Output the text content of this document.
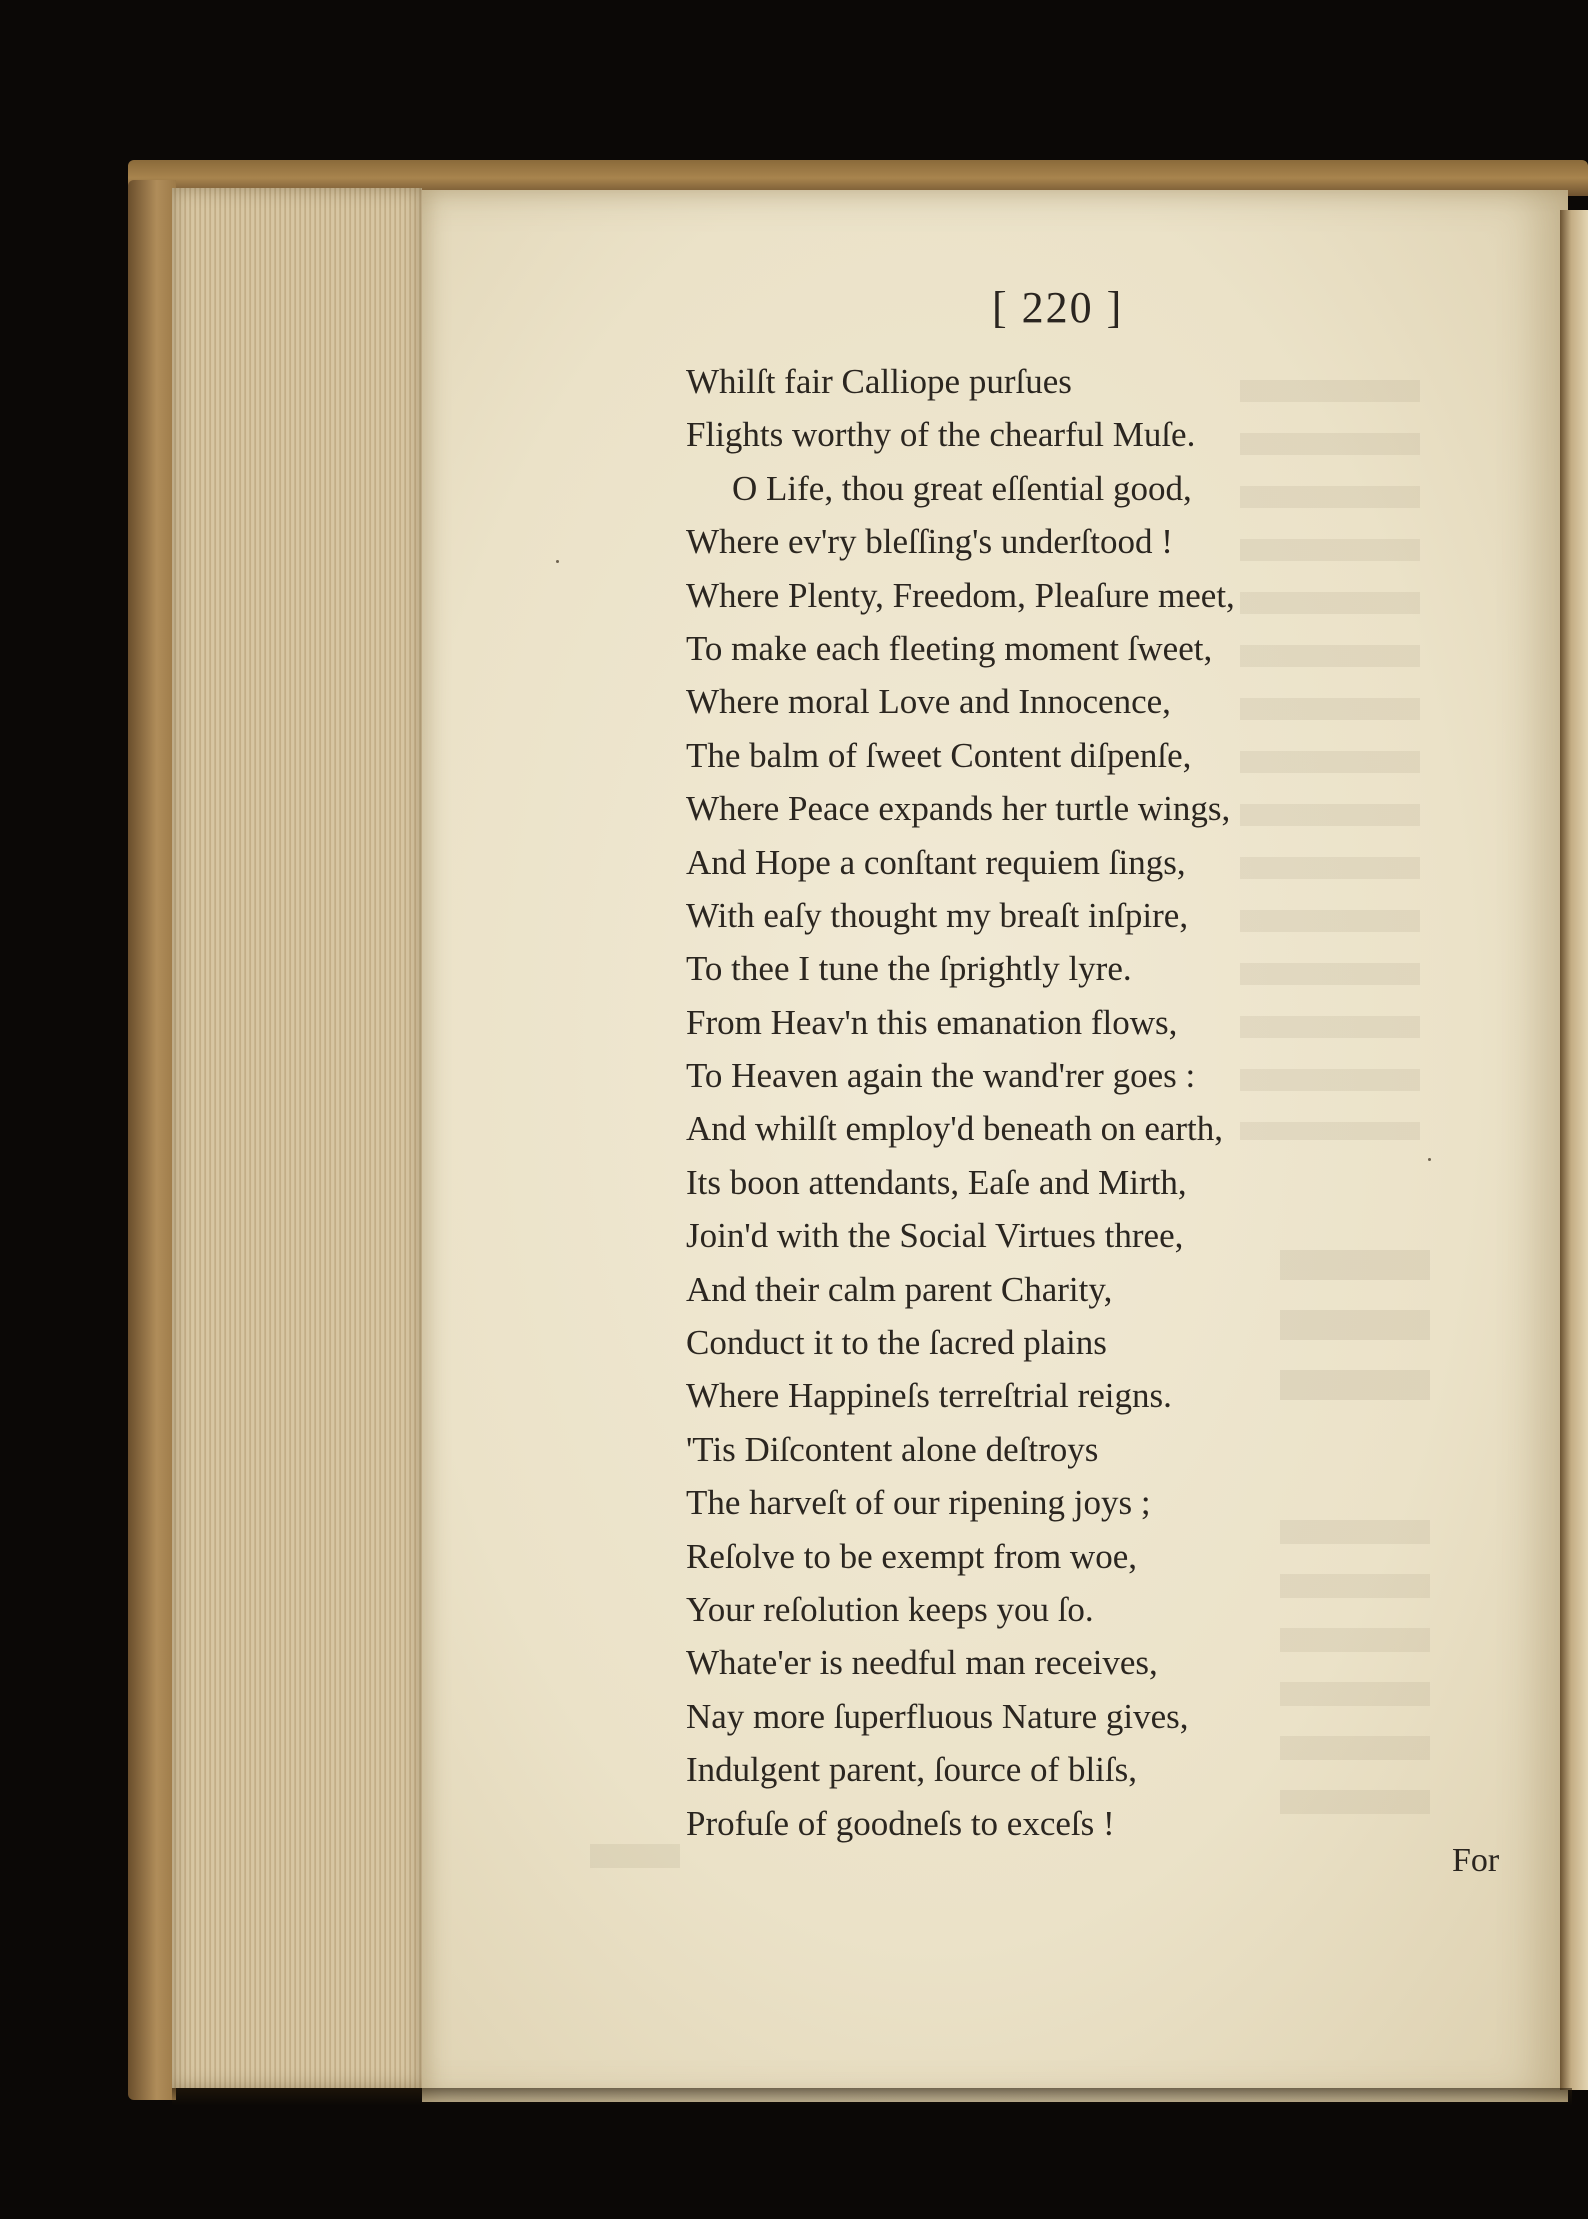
[ 220 ]
Whilſt fair Calliope purſues
Flights worthy of the chearful Muſe.
O Life, thou great eſſential good,
Where ev'ry bleſſing's underſtood !
Where Plenty, Freedom, Pleaſure meet,
To make each fleeting moment ſweet,
Where moral Love and Innocence,
The balm of ſweet Content diſpenſe,
Where Peace expands her turtle wings,
And Hope a conſtant requiem ſings,
With eaſy thought my breaſt inſpire,
To thee I tune the ſprightly lyre.
From Heav'n this emanation flows,
To Heaven again the wand'rer goes :
And whilſt employ'd beneath on earth,
Its boon attendants, Eaſe and Mirth,
Join'd with the Social Virtues three,
And their calm parent Charity,
Conduct it to the ſacred plains
Where Happineſs terreſtrial reigns.
'Tis Diſcontent alone deſtroys
The harveſt of our ripening joys ;
Reſolve to be exempt from woe,
Your reſolution keeps you ſo.
Whate'er is needful man receives,
Nay more ſuperfluous Nature gives,
Indulgent parent, ſource of bliſs,
Profuſe of goodneſs to exceſs !
For
